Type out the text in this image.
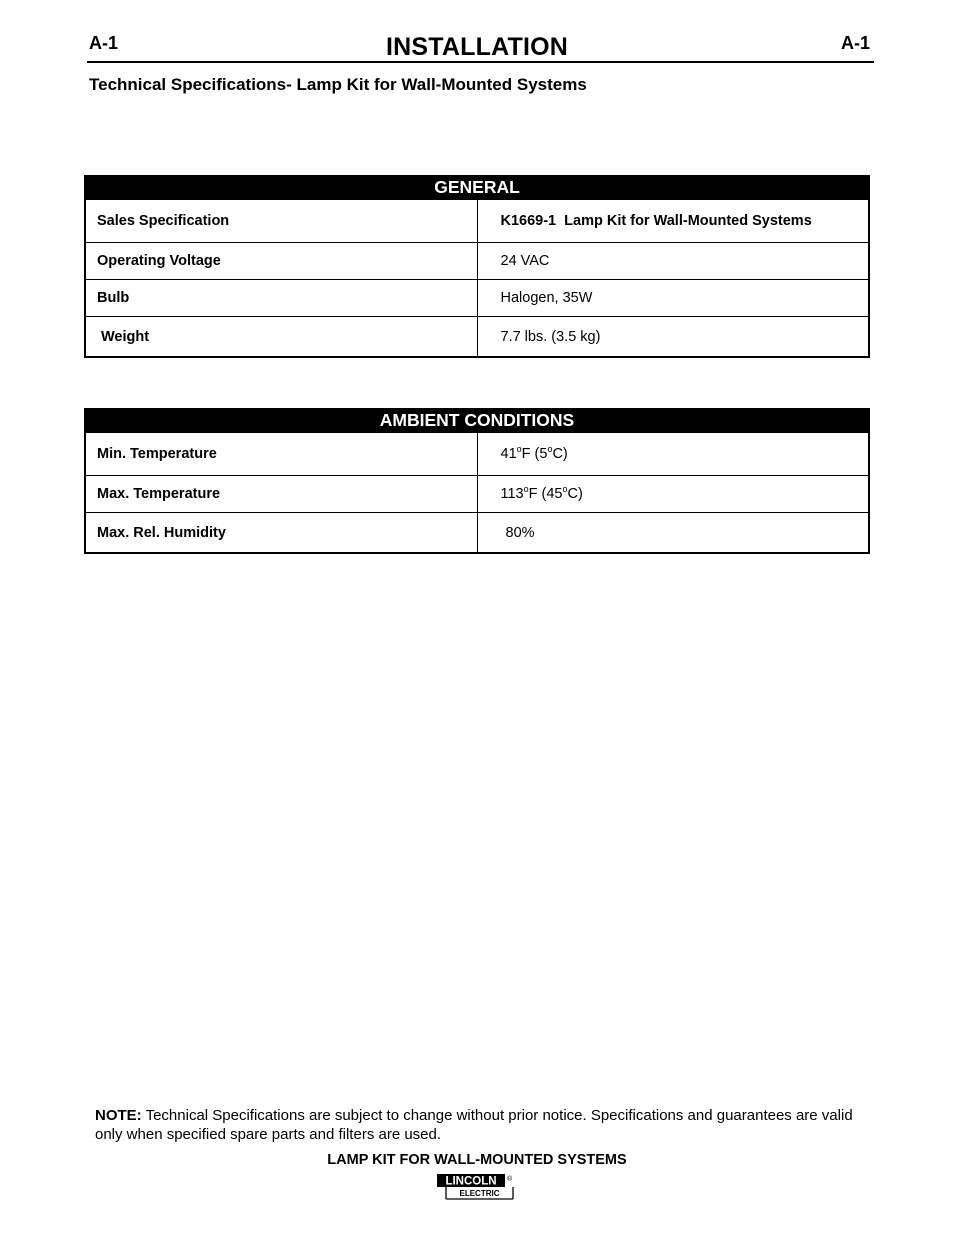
A-1	INSTALLATION	A-1
Technical Specifications- Lamp Kit for Wall-Mounted Systems
GENERAL	
Sales Specification	K1669-1  Lamp Kit for Wall-Mounted Systems
Operating Voltage	24 VAC
Bulb	Halogen, 35W
Weight	7.7 lbs. (3.5 kg)
AMBIENT CONDITIONS	
Min. Temperature	41$^o$F (5$^o$C)
Max. Temperature	113$^o$F (45$^o$C)
Max. Rel. Humidity	80%
NOTE: Technical Specifications are subject to change without prior notice. Specifications and guarantees are valid only when specified spare parts and filters are used.
LAMP KIT FOR WALL-MOUNTED SYSTEMS
LINCOLN
ELECTRIC
®
